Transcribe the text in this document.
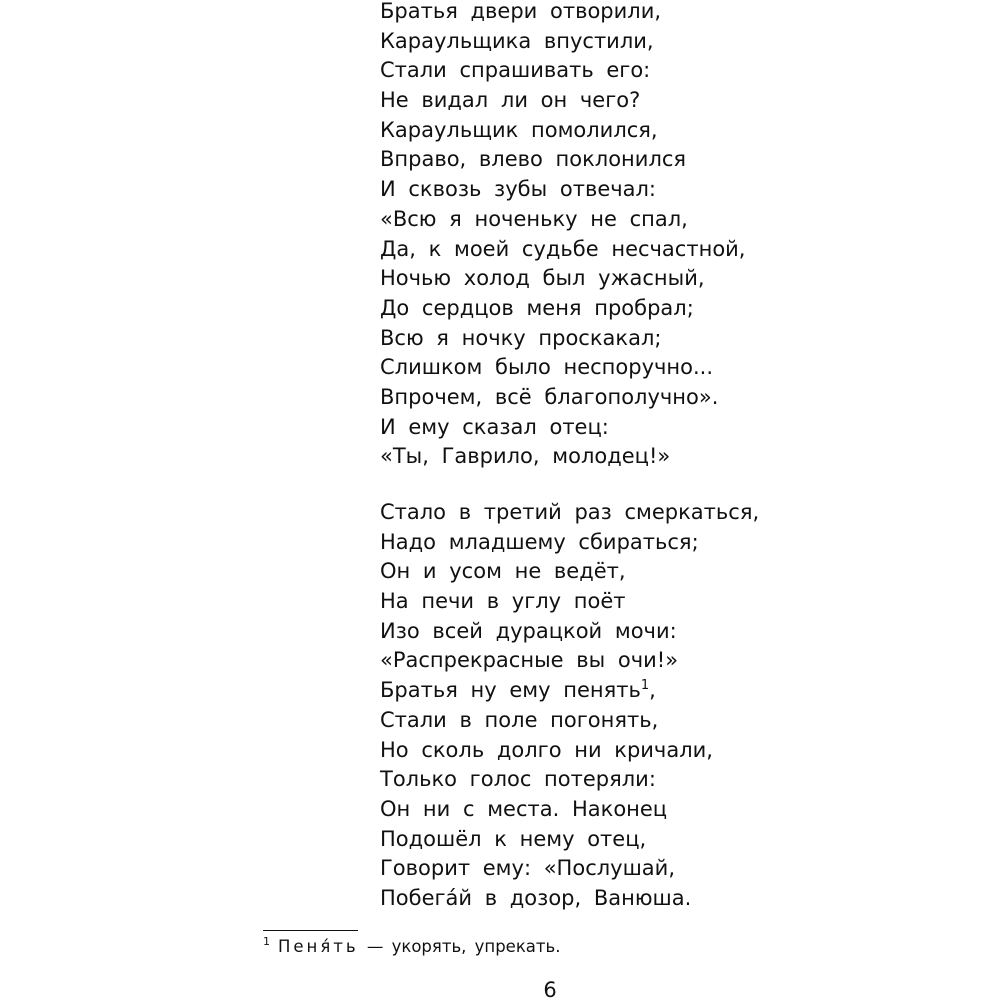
Братья двери отворили,
Караульщика впустили,
Стали спрашивать его:
Не видал ли он чего?
Караульщик помолился,
Вправо, влево поклонился
И сквозь зубы отвечал:
«Всю я ноченьку не спал,
Да, к моей судьбе несчастной,
Ночью холод был ужасный,
До сердцов меня пробрал;
Всю я ночку проскакал;
Слишком было неспоручно...
Впрочем, всё благополучно».
И ему сказал отец:
«Ты, Гаврило, молодец!»
Стало в третий раз смеркаться,
Надо младшему сбираться;
Он и усом не ведёт,
На печи в углу поёт
Изо всей дурацкой мочи:
«Распрекрасные вы очи!»
Братья ну ему пенять$^1$,
Стали в поле погонять,
Но сколь долго ни кричали,
Только голос потеряли:
Он ни с места. Наконец
Подошёл к нему отец,
Говорит ему: «Послушай,
Побега́й в дозор, Ванюша.
$^1$ Пеня́ть — укорять, упрекать.
6
